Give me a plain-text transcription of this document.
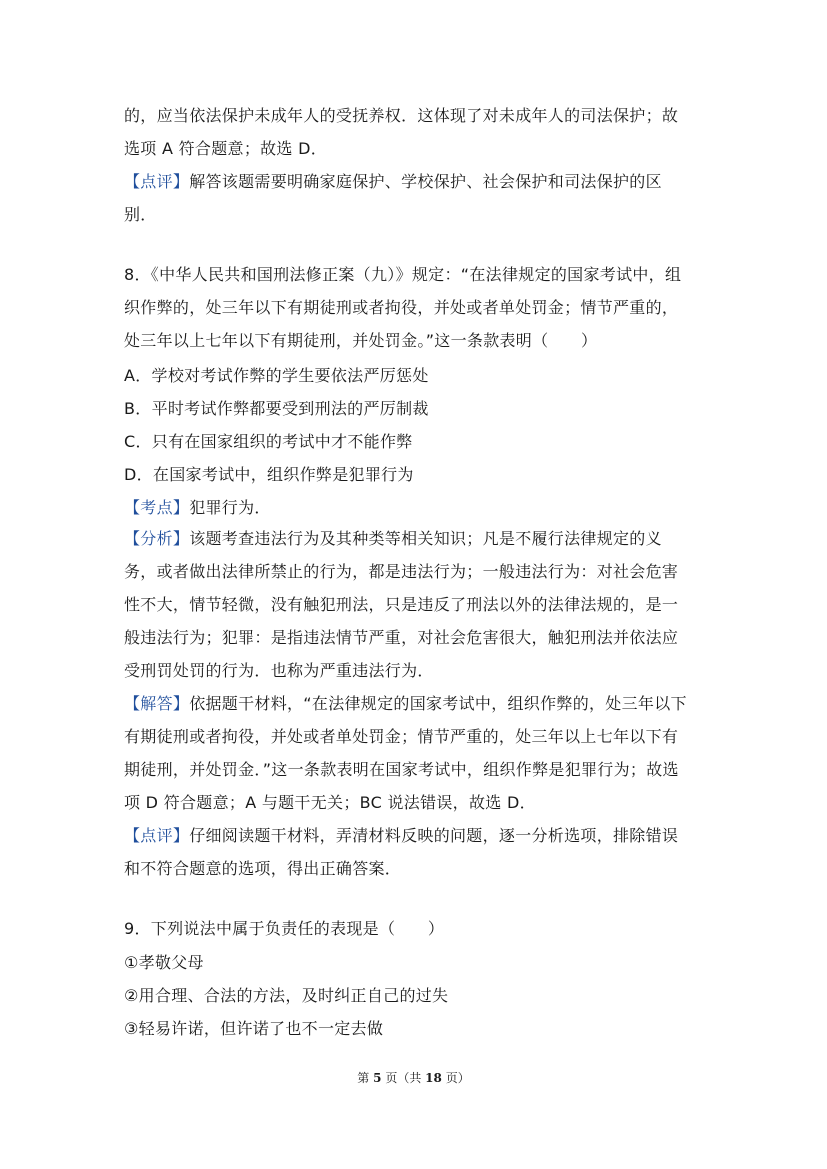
的，应当依法保护未成年人的受抚养权．这体现了对未成年人的司法保护；故
选项 A 符合题意；故选 D．
【点评】解答该题需要明确家庭保护、学校保护、社会保护和司法保护的区
别．
8．《中华人民共和国刑法修正案（九）》规定：“在法律规定的国家考试中，组
织作弊的，处三年以下有期徒刑或者拘役，并处或者单处罚金；情节严重的，
处三年以上七年以下有期徒刑，并处罚金。”这一条款表明（　　）
A．学校对考试作弊的学生要依法严厉惩处
B．平时考试作弊都要受到刑法的严厉制裁
C．只有在国家组织的考试中才不能作弊
D．在国家考试中，组织作弊是犯罪行为
【考点】犯罪行为．
【分析】该题考查违法行为及其种类等相关知识；凡是不履行法律规定的义
务，或者做出法律所禁止的行为，都是违法行为；一般违法行为：对社会危害
性不大，情节轻微，没有触犯刑法，只是违反了刑法以外的法律法规的，是一
般违法行为；犯罪：是指违法情节严重，对社会危害很大，触犯刑法并依法应
受刑罚处罚的行为．也称为严重违法行为．
【解答】依据题干材料，“在法律规定的国家考试中，组织作弊的，处三年以下
有期徒刑或者拘役，并处或者单处罚金；情节严重的，处三年以上七年以下有
期徒刑，并处罚金．”这一条款表明在国家考试中，组织作弊是犯罪行为；故选
项 D 符合题意；A 与题干无关；BC 说法错误，故选 D．
【点评】仔细阅读题干材料，弄清材料反映的问题，逐一分析选项，排除错误
和不符合题意的选项，得出正确答案．
9．下列说法中属于负责任的表现是（　　）
①孝敬父母
②用合理、合法的方法，及时纠正自己的过失
③轻易许诺，但许诺了也不一定去做
第 5 页（共 18 页）
